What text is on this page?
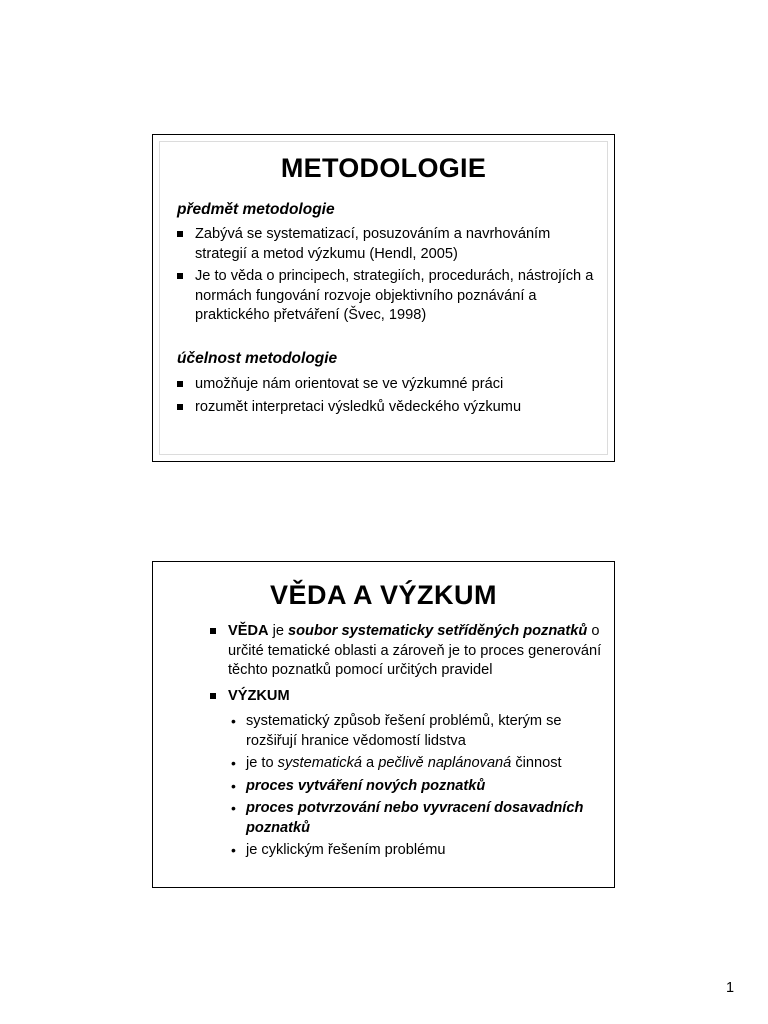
METODOLOGIE

předmět metodologie

Zabývá se systematizací, posuzováním a navrhováním strategií a metod výzkumu (Hendl, 2005)
Je to věda o principech, strategiích, procedurách, nástrojích a normách fungování rozvoje objektivního poznávání a praktického přetváření (Švec, 1998)

účelnost metodologie

umožňuje nám orientovat se ve výzkumné práci
rozumět interpretaci výsledků vědeckého výzkumu
VĚDA A VÝZKUM
VĚDA je soubor systematicky setříděných poznatků o určité tematické oblasti a zároveň je to proces generování těchto poznatků pomocí určitých pravidel
VÝZKUM
• systematický způsob řešení problémů, kterým se rozšiřují hranice vědomostí lidstva
• je to systematická a pečlivě naplánovaná činnost
• proces vytváření nových poznatků
• proces potvrzování nebo vyvracení dosavadních poznatků
• je cyklickým řešením problému
1
